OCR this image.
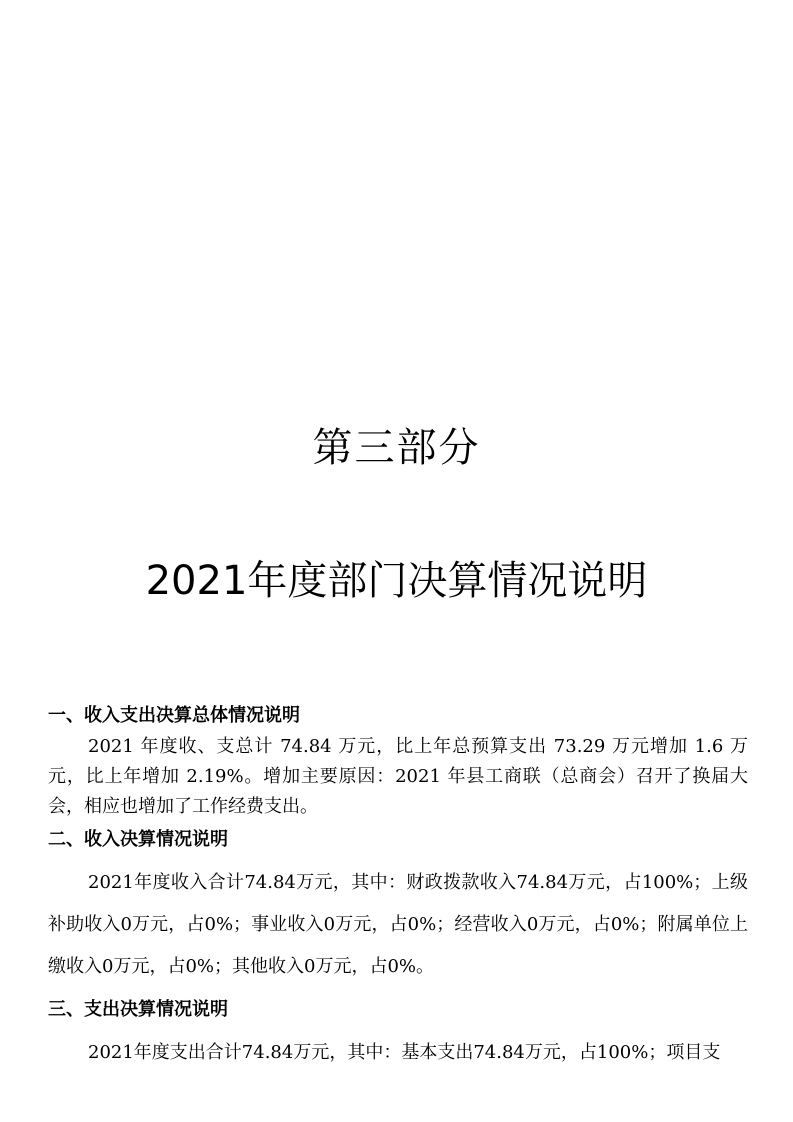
第三部分
2021年度部门决算情况说明

一、收入支出决算总体情况说明

2021 年度收、支总计 74.84 万元，比上年总预算支出 73.29 万元增加 1.6 万元，比上年增加 2.19%。增加主要原因：2021 年县工商联（总商会）召开了换届大会，相应也增加了工作经费支出。

二、收入决算情况说明

2021年度收入合计74.84万元，其中：财政拨款收入74.84万元，占100%；上级补助收入0万元，占0%；事业收入0万元，占0%；经营收入0万元，占0%；附属单位上缴收入0万元，占0%；其他收入0万元，占0%。

三、支出决算情况说明

2021年度支出合计74.84万元，其中：基本支出74.84万元，占100%；项目支
